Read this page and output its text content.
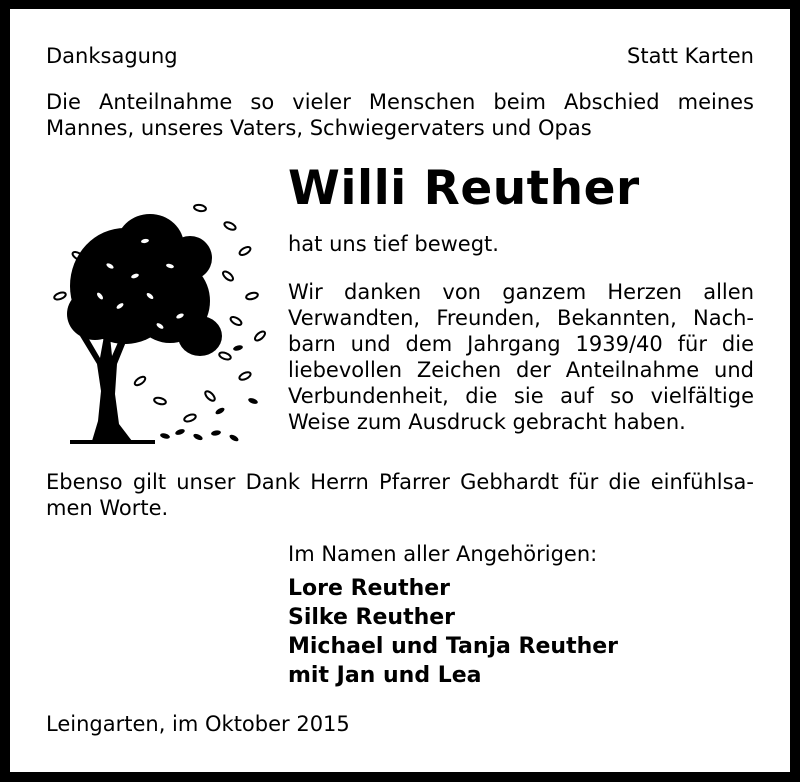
Danksagung	Statt Karten
Die Anteilnahme so vieler Menschen beim Abschied meines
Mannes, unseres Vaters, Schwiegervaters und Opas
Willi Reuther
hat uns tief bewegt.
Wir danken von ganzem Herzen allen
Verwandten, Freunden, Bekannten, Nach-
barn und dem Jahrgang 1939/40 für die
liebevollen Zeichen der Anteilnahme und
Verbundenheit, die sie auf so vielfältige
Weise zum Ausdruck gebracht haben.
Ebenso gilt unser Dank Herrn Pfarrer Gebhardt für die einfühlsa-
men Worte.
Im Namen aller Angehörigen:
Lore Reuther
Silke Reuther
Michael und Tanja Reuther
mit Jan und Lea
Leingarten, im Oktober 2015
